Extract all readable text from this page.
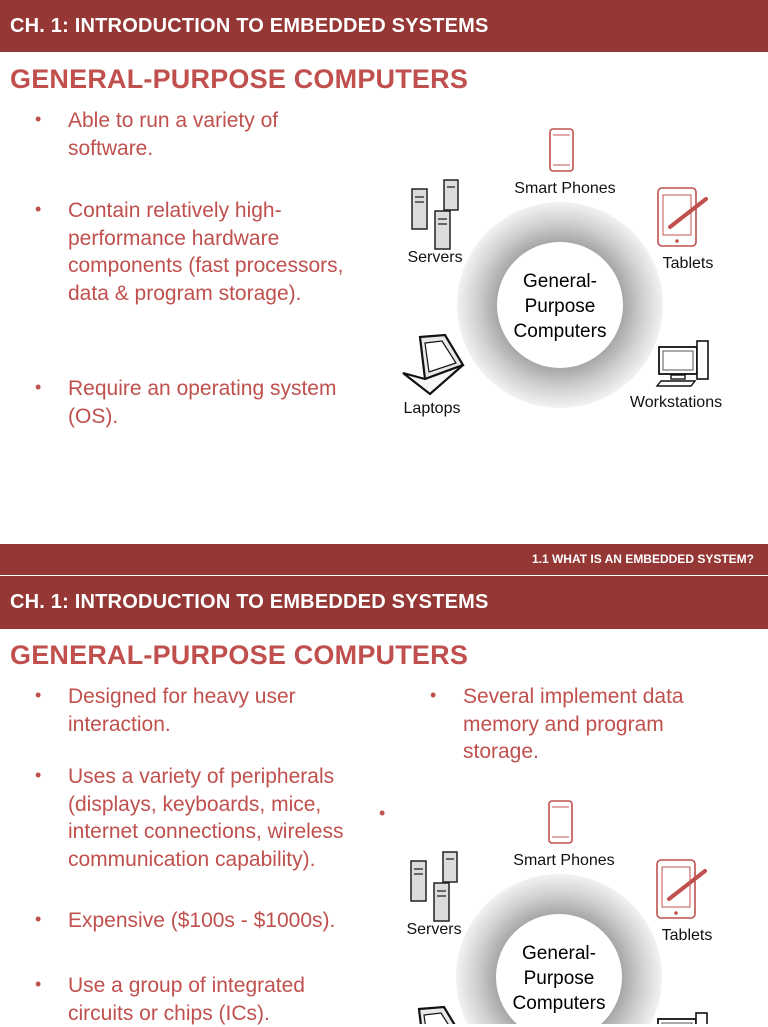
CH. 1: INTRODUCTION TO EMBEDDED SYSTEMS
GENERAL-PURPOSE COMPUTERS
• Able to run a variety of software.
• Contain relatively high-performance hardware components (fast processors, data & program storage).
• Require an operating system (OS).
General-
Purpose
Computers
Smart Phones
Servers	Tablets
Laptops	Workstations
1.1 WHAT IS AN EMBEDDED SYSTEM?
CH. 1: INTRODUCTION TO EMBEDDED SYSTEMS
GENERAL-PURPOSE COMPUTERS
• Designed for heavy user interaction.
• Uses a variety of peripherals (displays, keyboards, mice, internet connections, wireless communication capability).
• Expensive ($100s - $1000s).
• Use a group of integrated circuits or chips (ICs).
• Several implement data memory and program storage.
•
General-
Purpose
Computers
Smart Phones
Servers	Tablets
